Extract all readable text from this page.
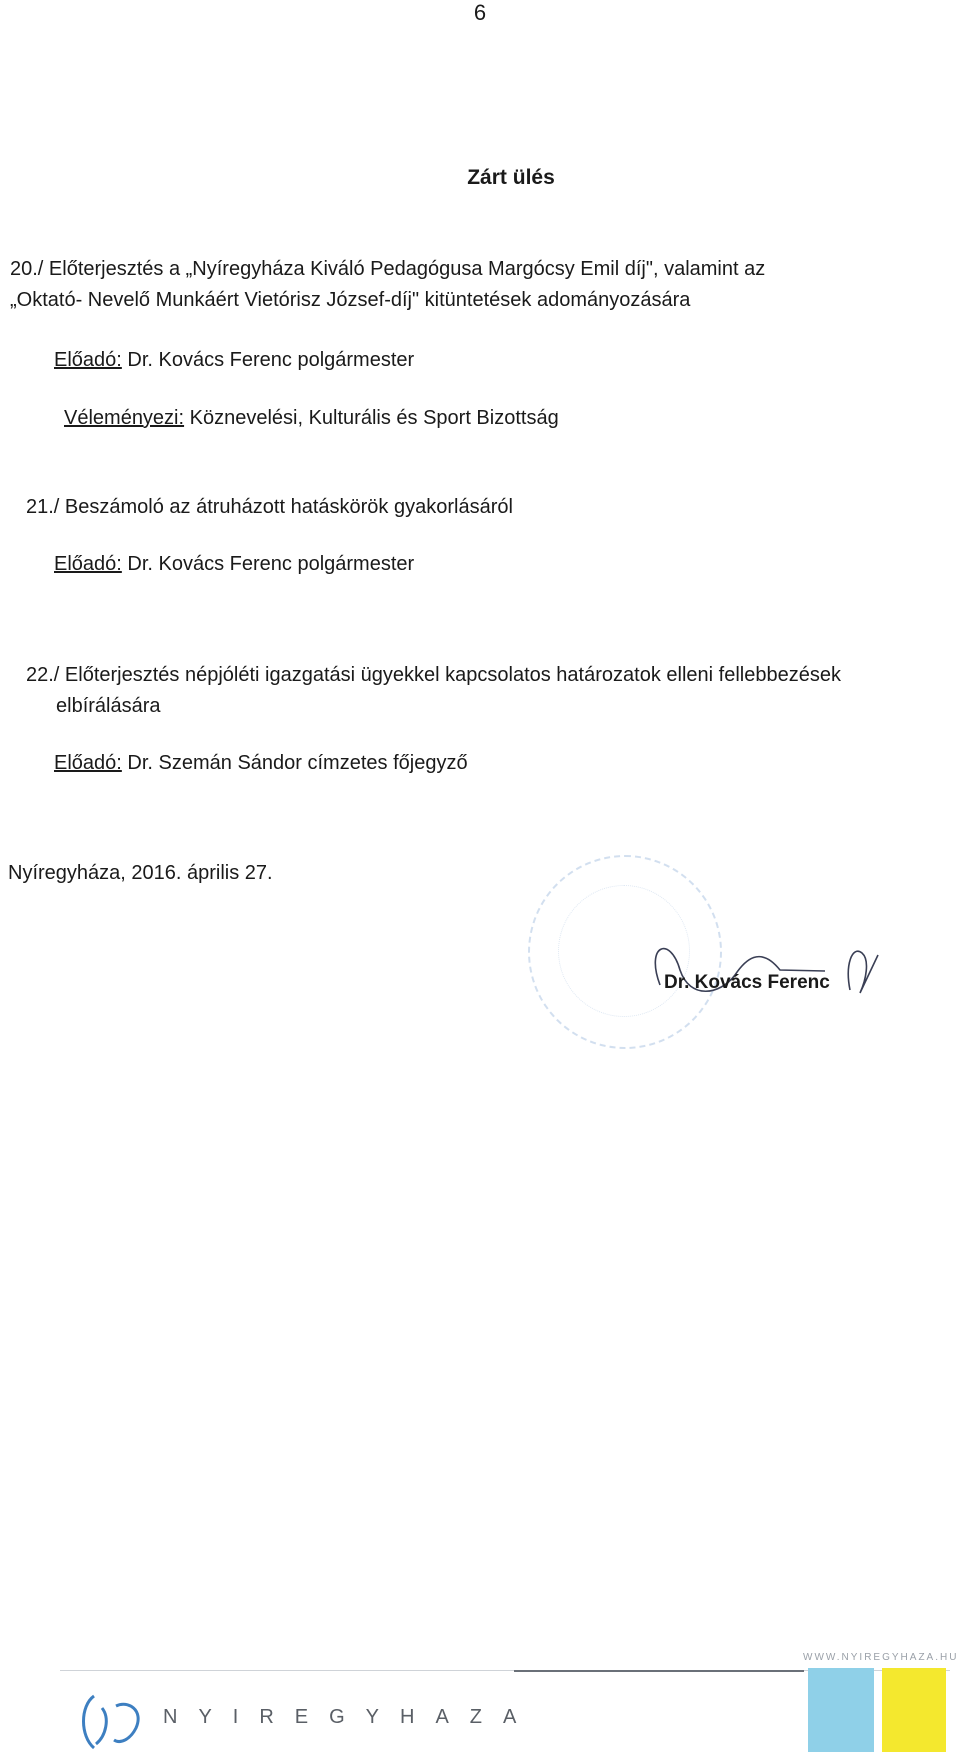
6
Zárt ülés
20./ Előterjesztés a „Nyíregyháza Kiváló Pedagógusa Margócsy Emil díj", valamint az
„Oktató- Nevelő Munkáért Vietórisz József-díj" kitüntetések adományozására
Előadó: Dr. Kovács Ferenc polgármester
Véleményezi: Köznevelési, Kulturális és Sport Bizottság
21./ Beszámoló az átruházott hatáskörök gyakorlásáról
Előadó: Dr. Kovács Ferenc polgármester
22./ Előterjesztés népjóléti igazgatási ügyekkel kapcsolatos határozatok elleni fellebbezések
elbírálására
Előadó: Dr. Szemán Sándor címzetes főjegyző
Nyíregyháza, 2016. április 27.
Dr. Kovács Ferenc
WWW.NYIREGYHAZA.HU
NYIREGYHAZA
